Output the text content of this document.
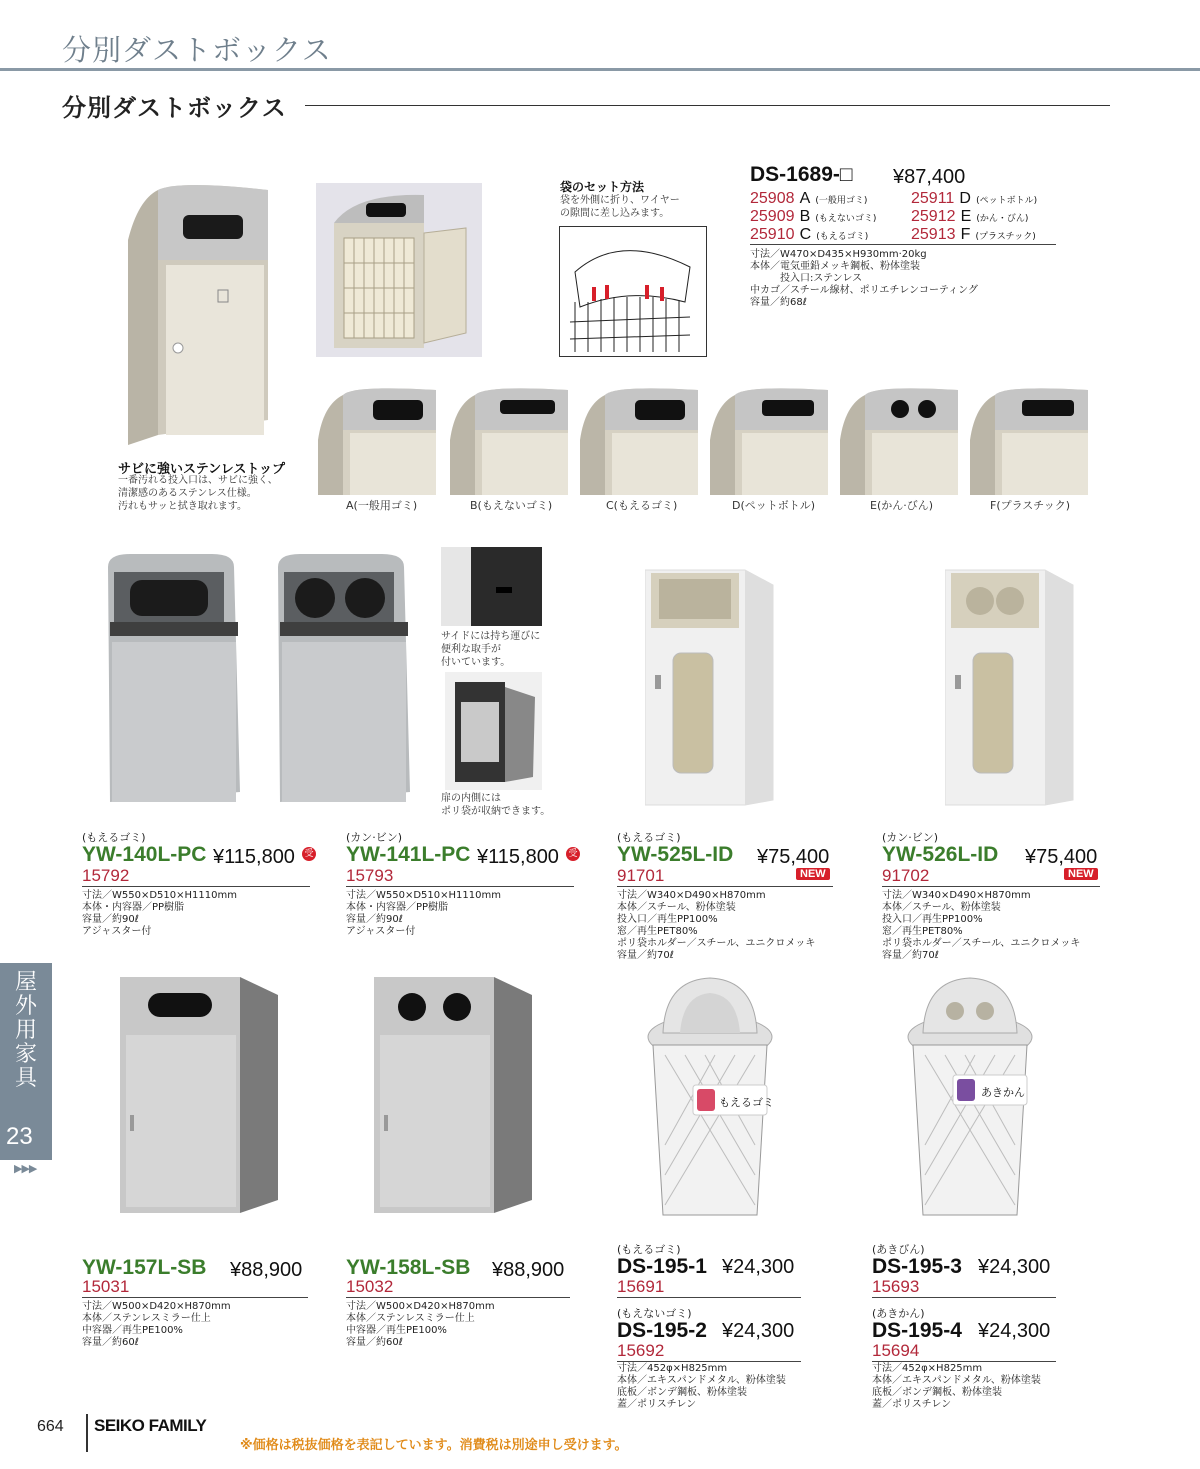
分別ダストボックス
分別ダストボックス
袋のセット方法
袋を外側に折り、ワイヤー
の隙間に差し込みます。
DS-1689-□ ¥87,400
25908 A (一般用ゴミ)
25909 B (もえないゴミ)
25910 C (もえるゴミ)
25911 D (ペットボトル)
25912 E (かん・びん)
25913 F (プラスチック)
寸法／W470×D435×H930mm·20kg
本体／電気亜鉛メッキ鋼板、粉体塗装
　　　投入口:ステンレス
中カゴ／スチール線材、ポリエチレンコーティング
容量／約68ℓ
サビに強いステンレストップ
一番汚れる投入口は、サビに強く、
清潔感のあるステンレス仕様。
汚れもサッと拭き取れます。	A(一般用ゴミ)	B(もえないゴミ)	C(もえるゴミ)	D(ペットボトル)	E(かん·びん)	F(プラスチック)
サイドには持ち運びに
便利な取手が
付いています。
扉の内側には
ポリ袋が収納できます。
(もえるゴミ)
YW-140L-PC ¥115,800 受
15792
寸法／W550×D510×H1110mm
本体・内容器／PP樹脂
容量／約90ℓ
アジャスター付
(カン·ビン)
YW-141L-PC ¥115,800 受
15793
寸法／W550×D510×H1110mm
本体・内容器／PP樹脂
容量／約90ℓ
アジャスター付
(もえるゴミ)
YW-525L-ID ¥75,400
91701	NEW
寸法／W340×D490×H870mm
本体／スチール、粉体塗装
投入口／再生PP100%
窓／再生PET80%
ポリ袋ホルダー／スチール、ユニクロメッキ
容量／約70ℓ
(カン·ビン)
YW-526L-ID ¥75,400
91702	NEW
寸法／W340×D490×H870mm
本体／スチール、粉体塗装
投入口／再生PP100%
窓／再生PET80%
ポリ袋ホルダー／スチール、ユニクロメッキ
容量／約70ℓ
もえるゴミ
あきかん
YW-157L-SB ¥88,900
15031
寸法／W500×D420×H870mm
本体／ステンレスミラー仕上
中容器／再生PE100%
容量／約60ℓ
YW-158L-SB ¥88,900
15032
寸法／W500×D420×H870mm
本体／ステンレスミラー仕上
中容器／再生PE100%
容量／約60ℓ
(もえるゴミ)
DS-195-1 ¥24,300
15691
(もえないゴミ)
DS-195-2 ¥24,300
15692
寸法／452φ×H825mm
本体／エキスパンドメタル、粉体塗装
底板／ボンデ鋼板、粉体塗装
蓋／ポリスチレン
(あきびん)
DS-195-3 ¥24,300
15693
(あきかん)
DS-195-4 ¥24,300
15694
寸法／452φ×H825mm
本体／エキスパンドメタル、粉体塗装
底板／ボンデ鋼板、粉体塗装
蓋／ポリスチレン
屋外用家具
23
▶▶▶
664 SEIKO FAMILY
※価格は税抜価格を表記しています。消費税は別途申し受けます。
